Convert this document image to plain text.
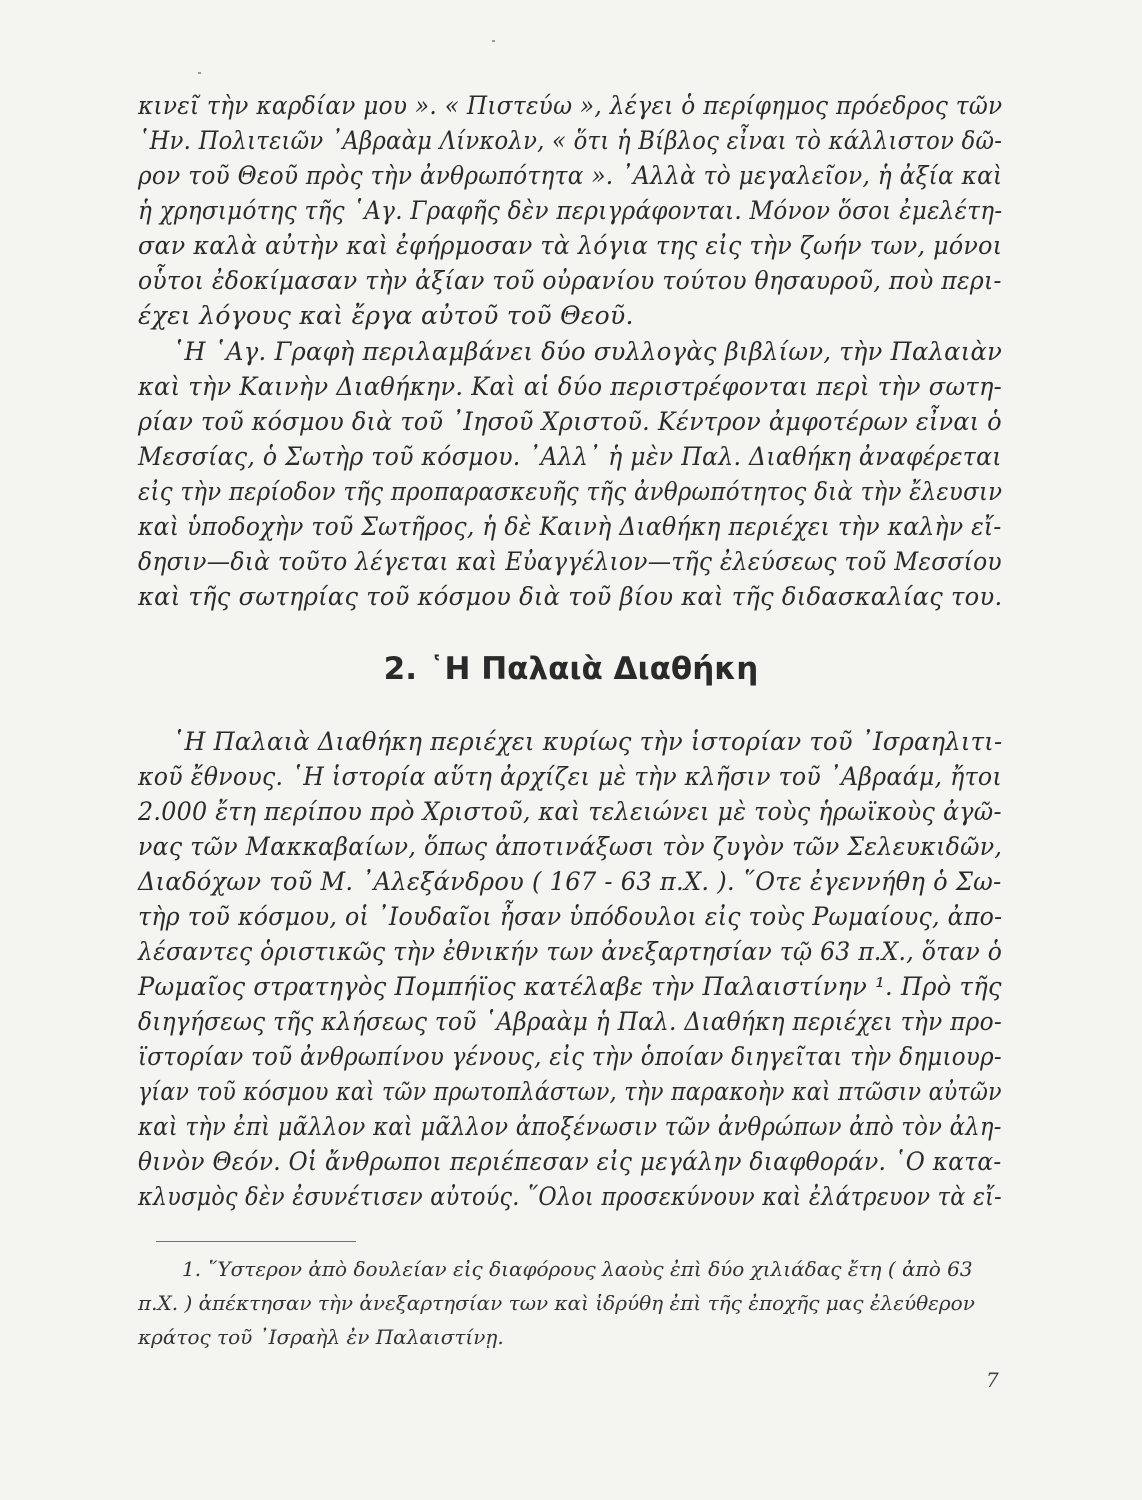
κινεῖ τὴν καρδίαν μου ». « Πιστεύω », λέγει ὁ περίφημος πρόεδρος τῶν
῾Ην. Πολιτειῶν ᾿Αβραὰμ Λίνκολν, « ὅτι ἡ Βίβλος εἶναι τὸ κάλλιστον δῶ-
ρον τοῦ Θεοῦ πρὸς τὴν ἀνθρωπότητα ». ᾿Αλλὰ τὸ μεγαλεῖον, ἡ ἀξία καὶ
ἡ χρησιμότης τῆς ῾Αγ. Γραφῆς δὲν περιγράφονται. Μόνον ὅσοι ἐμελέτη-
σαν καλὰ αὐτὴν καὶ ἐφήρμοσαν τὰ λόγια της εἰς τὴν ζωήν των, μόνοι
οὗτοι ἐδοκίμασαν τὴν ἀξίαν τοῦ οὐρανίου τούτου θησαυροῦ, ποὺ περι-
έχει λόγους καὶ ἔργα αὐτοῦ τοῦ Θεοῦ.
῾Η ῾Αγ. Γραφὴ περιλαμβάνει δύο συλλογὰς βιβλίων, τὴν Παλαιὰν
καὶ τὴν Καινὴν Διαθήκην. Καὶ αἱ δύο περιστρέφονται περὶ τὴν σωτη-
ρίαν τοῦ κόσμου διὰ τοῦ ᾿Ιησοῦ Χριστοῦ. Κέντρον ἀμφοτέρων εἶναι ὁ
Μεσσίας, ὁ Σωτὴρ τοῦ κόσμου. ᾿Αλλ᾿ ἡ μὲν Παλ. Διαθήκη ἀναφέρεται
εἰς τὴν περίοδον τῆς προπαρασκευῆς τῆς ἀνθρωπότητος διὰ τὴν ἔλευσιν
καὶ ὑποδοχὴν τοῦ Σωτῆρος, ἡ δὲ Καινὴ Διαθήκη περιέχει τὴν καλὴν εἴ-
δησιν—διὰ τοῦτο λέγεται καὶ Εὐαγγέλιον—τῆς ἐλεύσεως τοῦ Μεσσίου
καὶ τῆς σωτηρίας τοῦ κόσμου διὰ τοῦ βίου καὶ τῆς διδασκαλίας του.
2. ῾Η Παλαιὰ Διαθήκη
῾Η Παλαιὰ Διαθήκη περιέχει κυρίως τὴν ἱστορίαν τοῦ ᾿Ισραηλιτι-
κοῦ ἔθνους. ῾Η ἱστορία αὕτη ἀρχίζει μὲ τὴν κλῆσιν τοῦ ᾿Αβραάμ, ἤτοι
2.000 ἔτη περίπου πρὸ Χριστοῦ, καὶ τελειώνει μὲ τοὺς ἡρωϊκοὺς ἀγῶ-
νας τῶν Μακκαβαίων, ὅπως ἀποτινάξωσι τὸν ζυγὸν τῶν Σελευκιδῶν,
Διαδόχων τοῦ Μ. ᾿Αλεξάνδρου ( 167 - 63 π.Χ. ). ῞Οτε ἐγεννήθη ὁ Σω-
τὴρ τοῦ κόσμου, οἱ ᾿Ιουδαῖοι ἦσαν ὑπόδουλοι εἰς τοὺς Ρωμαίους, ἀπο-
λέσαντες ὁριστικῶς τὴν ἐθνικήν των ἀνεξαρτησίαν τῷ 63 π.Χ., ὅταν ὁ
Ρωμαῖος στρατηγὸς Πομπήϊος κατέλαβε τὴν Παλαιστίνην ¹. Πρὸ τῆς
διηγήσεως τῆς κλήσεως τοῦ ῾Αβραὰμ ἡ Παλ. Διαθήκη περιέχει τὴν προ-
ϊστορίαν τοῦ ἀνθρωπίνου γένους, εἰς τὴν ὁποίαν διηγεῖται τὴν δημιουρ-
γίαν τοῦ κόσμου καὶ τῶν πρωτοπλάστων, τὴν παρακοὴν καὶ πτῶσιν αὐτῶν
καὶ τὴν ἐπὶ μᾶλλον καὶ μᾶλλον ἀποξένωσιν τῶν ἀνθρώπων ἀπὸ τὸν ἀλη-
θινὸν Θεόν. Οἱ ἄνθρωποι περιέπεσαν εἰς μεγάλην διαφθοράν. ῾Ο κατα-
κλυσμὸς δὲν ἐσυνέτισεν αὐτούς. ῞Ολοι προσεκύνουν καὶ ἐλάτρευον τὰ εἴ-
1. ῞Υστερον ἀπὸ δουλείαν εἰς διαφόρους λαοὺς ἐπὶ δύο χιλιάδας ἔτη ( ἀπὸ 63
π.Χ. ) ἀπέκτησαν τὴν ἀνεξαρτησίαν των καὶ ἱδρύθη ἐπὶ τῆς ἐποχῆς μας ἐλεύθερον
κράτος τοῦ ᾿Ισραὴλ ἐν Παλαιστίνῃ.
7
